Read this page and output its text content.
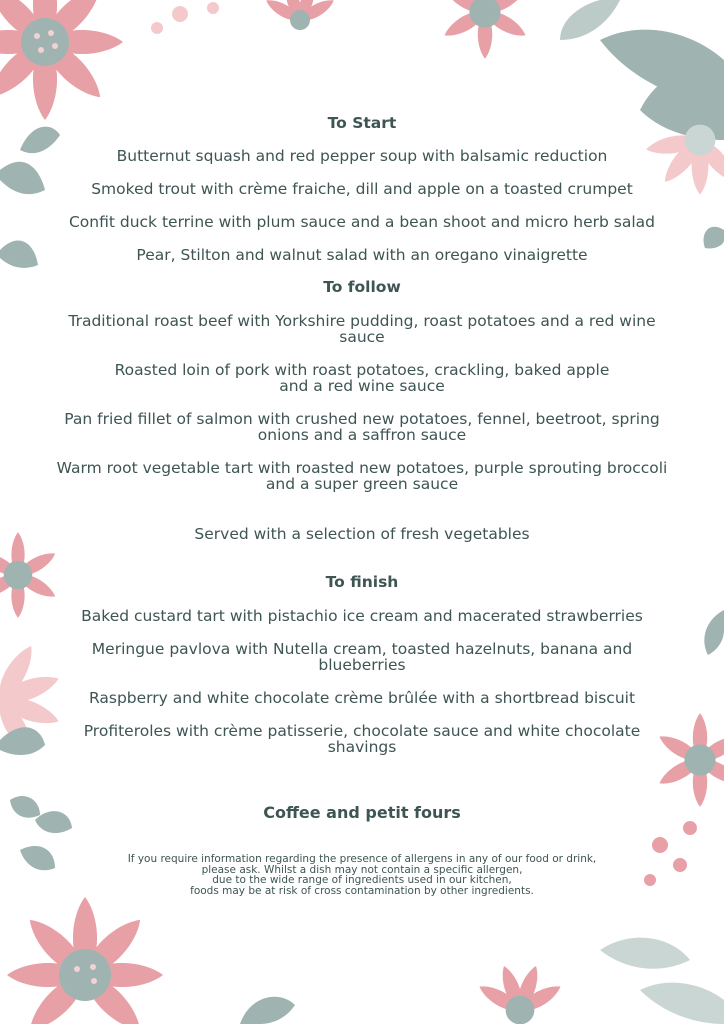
To Start
Butternut squash and red pepper soup with balsamic reduction
Smoked trout with crème fraiche, dill and apple on a toasted crumpet
Confit duck terrine with plum sauce and a bean shoot and micro herb salad
Pear, Stilton and walnut salad with an oregano vinaigrette
To follow
Traditional roast beef with Yorkshire pudding, roast potatoes and a red wine
sauce
Roasted loin of pork with roast potatoes, crackling, baked apple
and a red wine sauce
Pan fried fillet of salmon with crushed new potatoes, fennel, beetroot, spring
onions and a saffron sauce
Warm root vegetable tart with roasted new potatoes, purple sprouting broccoli
and a super green sauce
Served with a selection of fresh vegetables
To finish
Baked custard tart with pistachio ice cream and macerated strawberries
Meringue pavlova with Nutella cream, toasted hazelnuts, banana and
blueberries
Raspberry and white chocolate crème brûlée with a shortbread biscuit
Profiteroles with crème patisserie, chocolate sauce and white chocolate
shavings
Coffee and petit fours
If you require information regarding the presence of allergens in any of our food or drink,
please ask. Whilst a dish may not contain a specific allergen,
due to the wide range of ingredients used in our kitchen,
foods may be at risk of cross contamination by other ingredients.
